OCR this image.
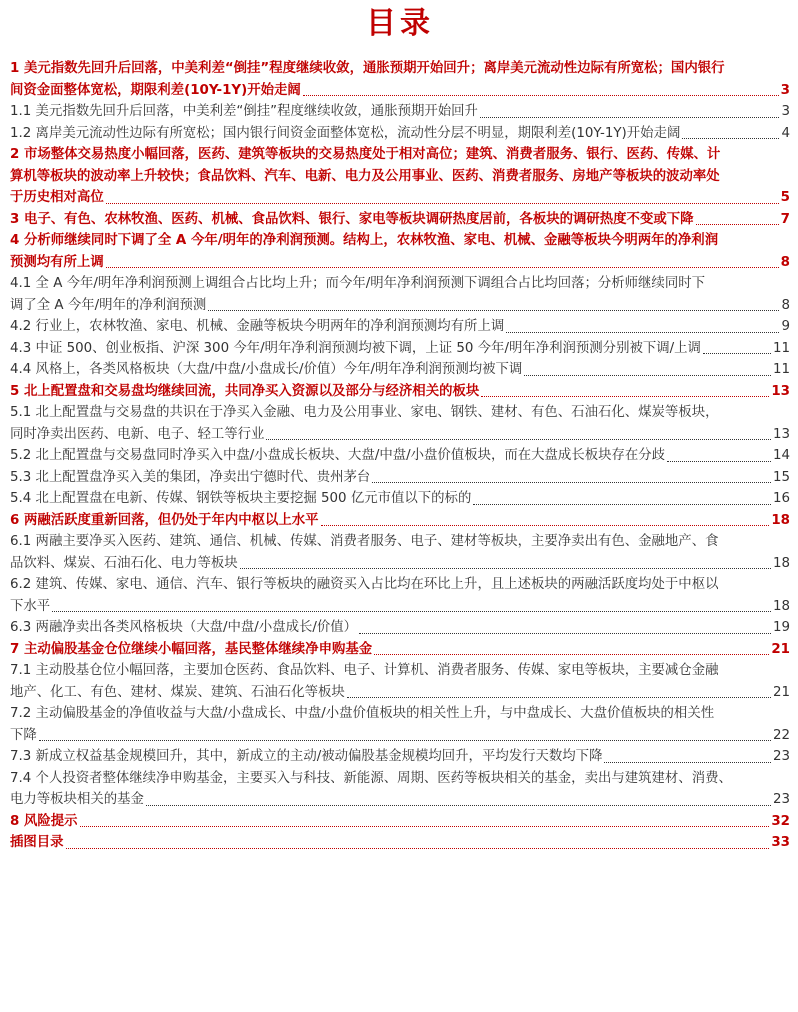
目录
1 美元指数先回升后回落，中美利差“倒挂”程度继续收敛，通胀预期开始回升；离岸美元流动性边际有所宽松；国内银行
间资金面整体宽松，期限利差(10Y-1Y)开始走阔	3
1.1 美元指数先回升后回落，中美利差“倒挂”程度继续收敛，通胀预期开始回升	3
1.2 离岸美元流动性边际有所宽松；国内银行间资金面整体宽松，流动性分层不明显，期限利差(10Y-1Y)开始走阔	4
2 市场整体交易热度小幅回落，医药、建筑等板块的交易热度处于相对高位；建筑、消费者服务、银行、医药、传媒、计
算机等板块的波动率上升较快；食品饮料、汽车、电新、电力及公用事业、医药、消费者服务、房地产等板块的波动率处
于历史相对高位	5
3 电子、有色、农林牧渔、医药、机械、食品饮料、银行、家电等板块调研热度居前，各板块的调研热度不变或下降	7
4 分析师继续同时下调了全 A 今年/明年的净利润预测。结构上，农林牧渔、家电、机械、金融等板块今明两年的净利润
预测均有所上调	8
4.1 全 A 今年/明年净利润预测上调组合占比均上升；而今年/明年净利润预测下调组合占比均回落；分析师继续同时下
调了全 A 今年/明年的净利润预测	8
4.2 行业上，农林牧渔、家电、机械、金融等板块今明两年的净利润预测均有所上调	9
4.3 中证 500、创业板指、沪深 300 今年/明年净利润预测均被下调，上证 50 今年/明年净利润预测分别被下调/上调	11
4.4 风格上，各类风格板块（大盘/中盘/小盘成长/价值）今年/明年净利润预测均被下调	11
5 北上配置盘和交易盘均继续回流，共同净买入资源以及部分与经济相关的板块	13
5.1 北上配置盘与交易盘的共识在于净买入金融、电力及公用事业、家电、钢铁、建材、有色、石油石化、煤炭等板块，
同时净卖出医药、电新、电子、轻工等行业	13
5.2 北上配置盘与交易盘同时净买入中盘/小盘成长板块、大盘/中盘/小盘价值板块，而在大盘成长板块存在分歧	14
5.3 北上配置盘净买入美的集团，净卖出宁德时代、贵州茅台	15
5.4 北上配置盘在电新、传媒、钢铁等板块主要挖掘 500 亿元市值以下的标的	16
6 两融活跃度重新回落，但仍处于年内中枢以上水平	18
6.1 两融主要净买入医药、建筑、通信、机械、传媒、消费者服务、电子、建材等板块，主要净卖出有色、金融地产、食
品饮料、煤炭、石油石化、电力等板块	18
6.2 建筑、传媒、家电、通信、汽车、银行等板块的融资买入占比均在环比上升，且上述板块的两融活跃度均处于中枢以
下水平	18
6.3 两融净卖出各类风格板块（大盘/中盘/小盘成长/价值）	19
7 主动偏股基金仓位继续小幅回落，基民整体继续净申购基金	21
7.1 主动股基仓位小幅回落，主要加仓医药、食品饮料、电子、计算机、消费者服务、传媒、家电等板块，主要减仓金融
地产、化工、有色、建材、煤炭、建筑、石油石化等板块	21
7.2 主动偏股基金的净值收益与大盘/小盘成长、中盘/小盘价值板块的相关性上升，与中盘成长、大盘价值板块的相关性
下降	22
7.3 新成立权益基金规模回升，其中，新成立的主动/被动偏股基金规模均回升，平均发行天数均下降	23
7.4 个人投资者整体继续净申购基金，主要买入与科技、新能源、周期、医药等板块相关的基金，卖出与建筑建材、消费、
电力等板块相关的基金	23
8 风险提示	32
插图目录	33
